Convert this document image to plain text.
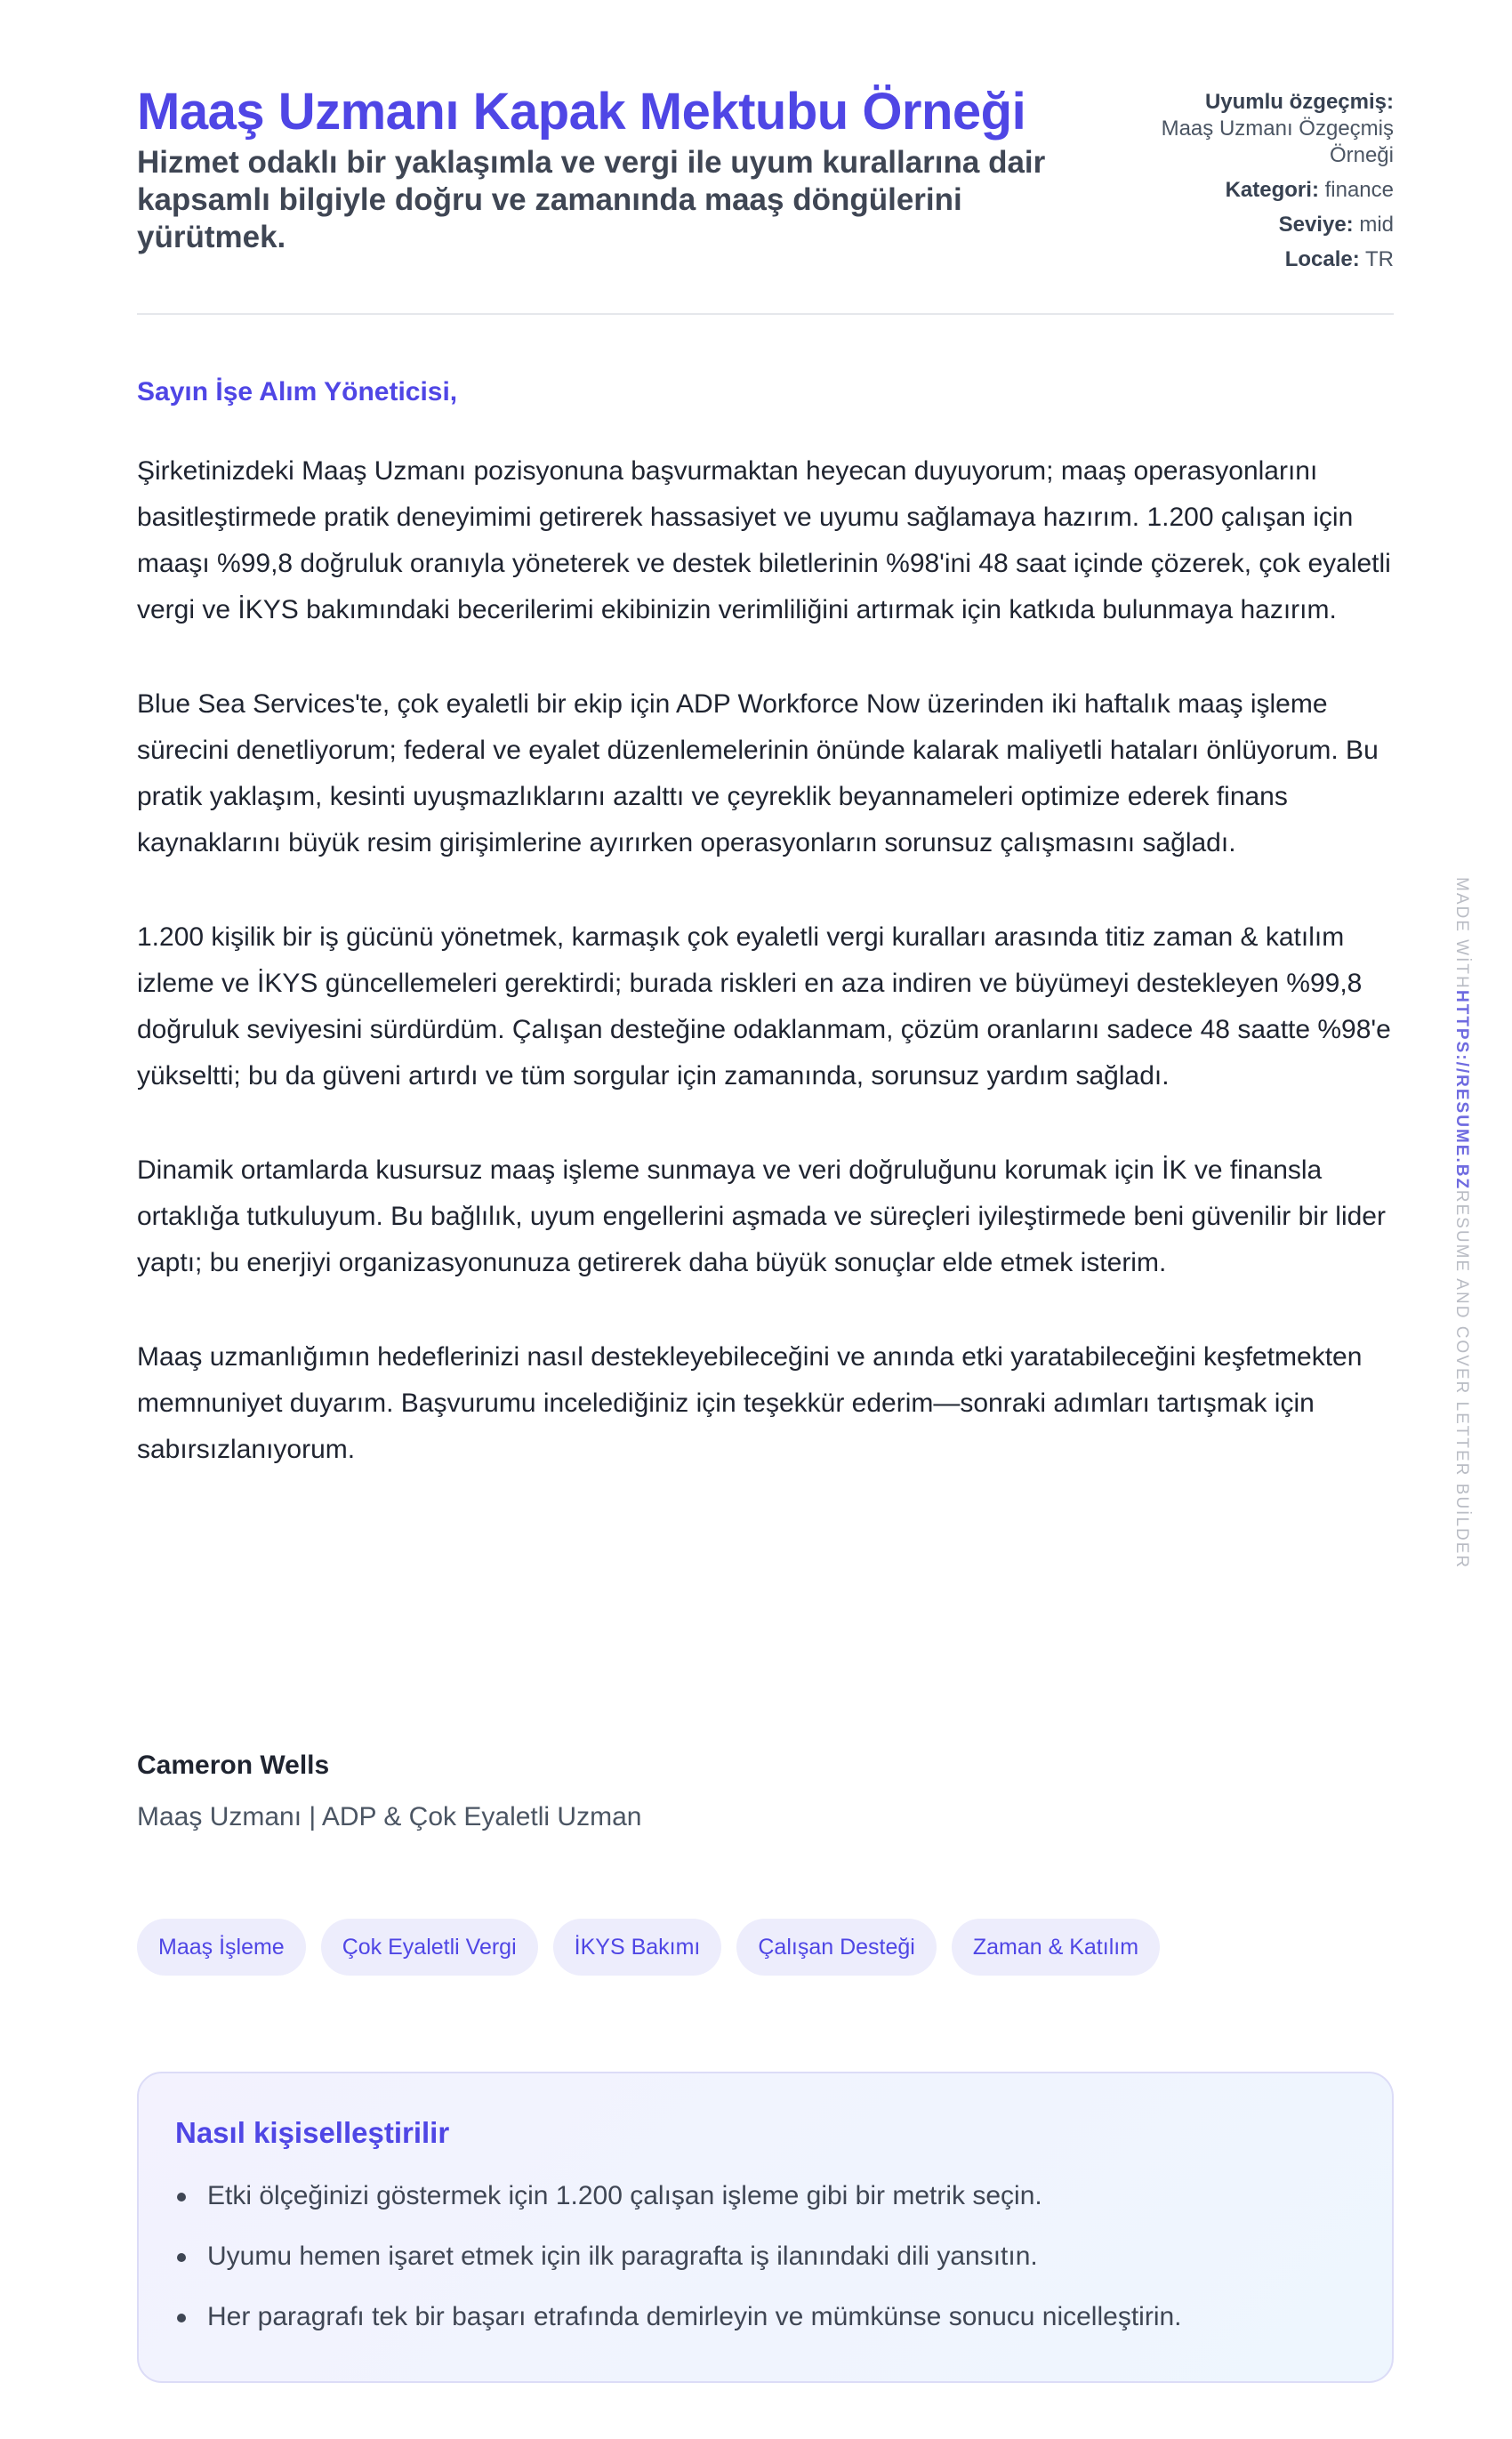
Maaş Uzmanı Kapak Mektubu Örneği
Hizmet odaklı bir yaklaşımla ve vergi ile uyum kurallarına dair kapsamlı bilgiyle doğru ve zamanında maaş döngülerini yürütmek.
Uyumlu özgeçmiş:
Maaş Uzmanı Özgeçmiş Örneği
Kategori: finance
Seviye: mid
Locale: TR
Sayın İşe Alım Yöneticisi,

Şirketinizdeki Maaş Uzmanı pozisyonuna başvurmaktan heyecan duyuyorum; maaş operasyonlarını basitleştirmede pratik deneyimimi getirerek hassasiyet ve uyumu sağlamaya hazırım. 1.200 çalışan için maaşı %99,8 doğruluk oranıyla yöneterek ve destek biletlerinin %98'ini 48 saat içinde çözerek, çok eyaletli vergi ve İKYS bakımındaki becerilerimi ekibinizin verimliliğini artırmak için katkıda bulunmaya hazırım.

Blue Sea Services'te, çok eyaletli bir ekip için ADP Workforce Now üzerinden iki haftalık maaş işleme sürecini denetliyorum; federal ve eyalet düzenlemelerinin önünde kalarak maliyetli hataları önlüyorum. Bu pratik yaklaşım, kesinti uyuşmazlıklarını azalttı ve çeyreklik beyannameleri optimize ederek finans kaynaklarını büyük resim girişimlerine ayırırken operasyonların sorunsuz çalışmasını sağladı.

1.200 kişilik bir iş gücünü yönetmek, karmaşık çok eyaletli vergi kuralları arasında titiz zaman & katılım izleme ve İKYS güncellemeleri gerektirdi; burada riskleri en aza indiren ve büyümeyi destekleyen %99,8 doğruluk seviyesini sürdürdüm. Çalışan desteğine odaklanmam, çözüm oranlarını sadece 48 saatte %98'e yükseltti; bu da güveni artırdı ve tüm sorgular için zamanında, sorunsuz yardım sağladı.

Dinamik ortamlarda kusursuz maaş işleme sunmaya ve veri doğruluğunu korumak için İK ve finansla ortaklığa tutkuluyum. Bu bağlılık, uyum engellerini aşmada ve süreçleri iyileştirmede beni güvenilir bir lider yaptı; bu enerjiyi organizasyonunuza getirerek daha büyük sonuçlar elde etmek isterim.

Maaş uzmanlığımın hedeflerinizi nasıl destekleyebileceğini ve anında etki yaratabileceğini keşfetmekten memnuniyet duyarım. Başvurumu incelediğiniz için teşekkür ederim—sonraki adımları tartışmak için sabırsızlanıyorum.

Cameron Wells
Maaş Uzmanı | ADP & Çok Eyaletli Uzman
Maaş İşleme	Çok Eyaletli Vergi	İKYS Bakımı	Çalışan Desteği	Zaman & Katılım
Nasıl kişiselleştirilir
Etki ölçeğinizi göstermek için 1.200 çalışan işleme gibi bir metrik seçin.
Uyumu hemen işaret etmek için ilk paragrafta iş ilanındaki dili yansıtın.
Her paragrafı tek bir başarı etrafında demirleyin ve mümkünse sonucu nicelleştirin.
MADE WİTHHTTPS://RESUME.BZRESUME AND COVER LETTER BUİLDER
